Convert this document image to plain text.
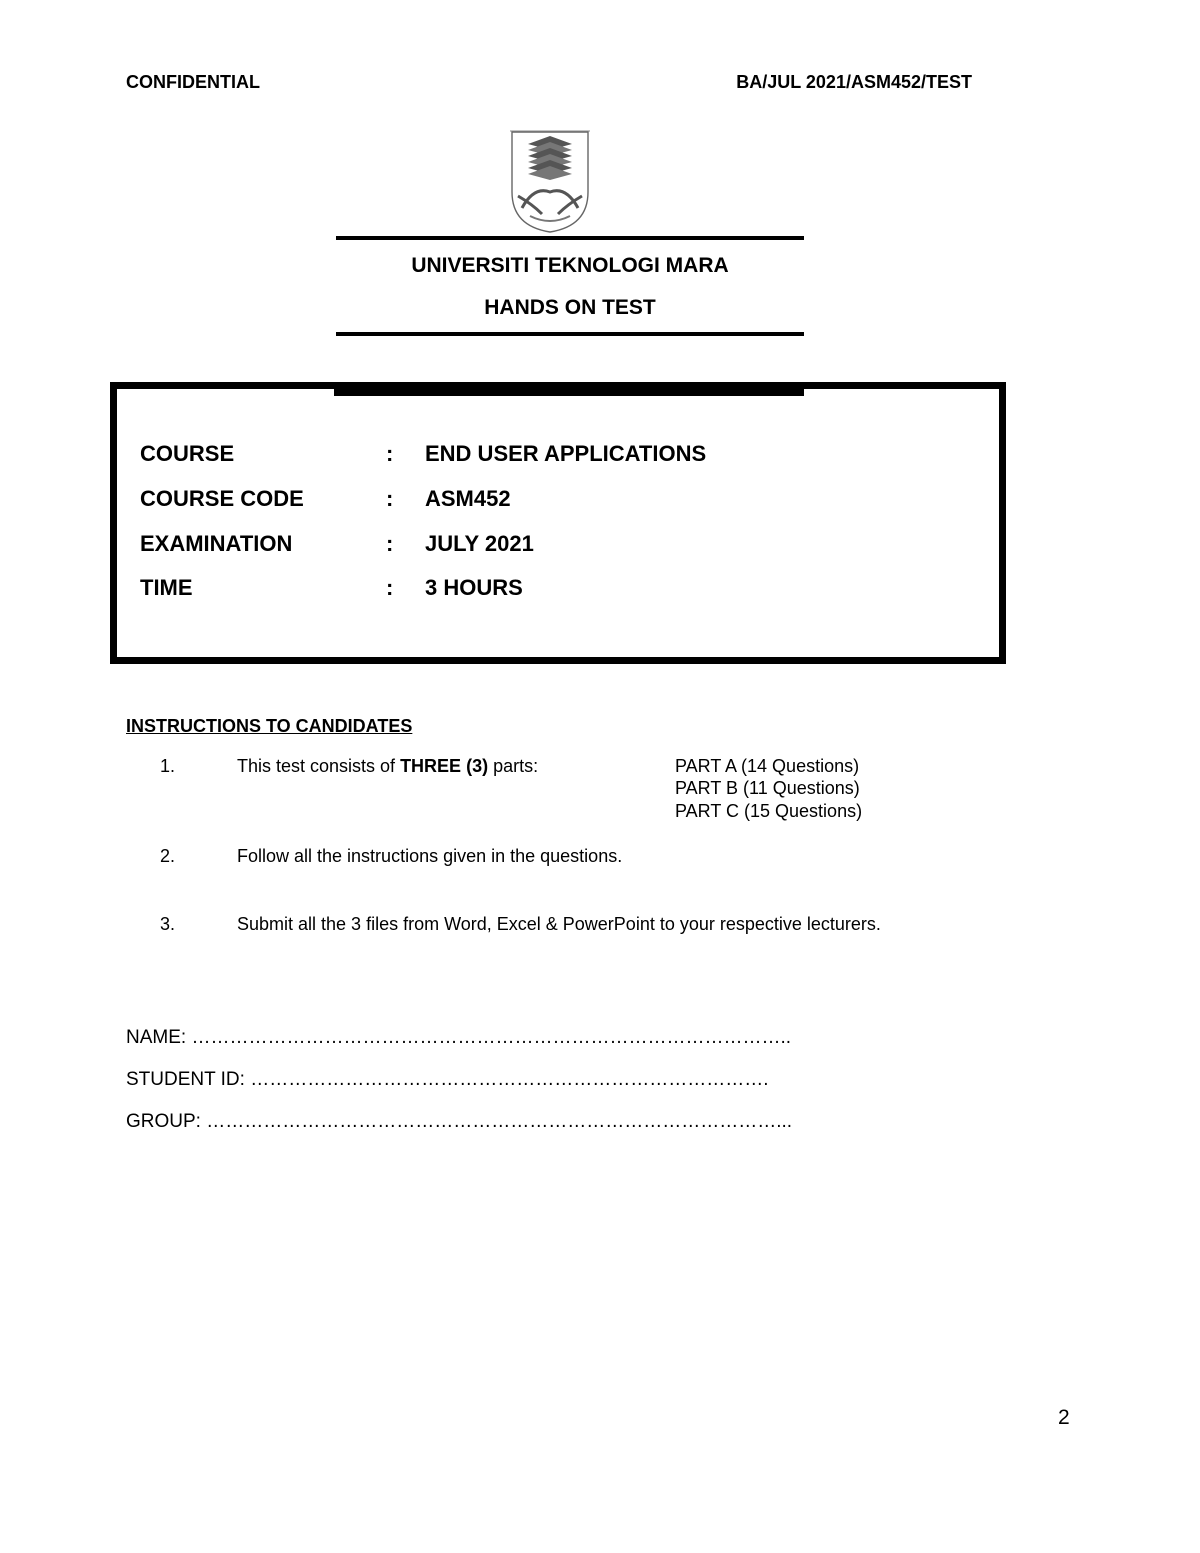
CONFIDENTIAL	BA/JUL 2021/ASM452/TEST
UNIVERSITI TEKNOLOGI MARA
HANDS ON TEST
COURSE	: END USER APPLICATIONS
COURSE CODE	: ASM452
EXAMINATION	: JULY 2021
TIME	: 3 HOURS
INSTRUCTIONS TO CANDIDATES
1.	This test consists of THREE (3) parts:	PART A (14 Questions)
PART B (11 Questions)
PART C (15 Questions)
2.	Follow all the instructions given in the questions.
3.	Submit all the 3 files from Word, Excel & PowerPoint to your respective lecturers.
NAME: …………………………………………………………………………………..
STUDENT ID: ……………………………………………………………………….
GROUP: ………………………………………………………………………………...
2
